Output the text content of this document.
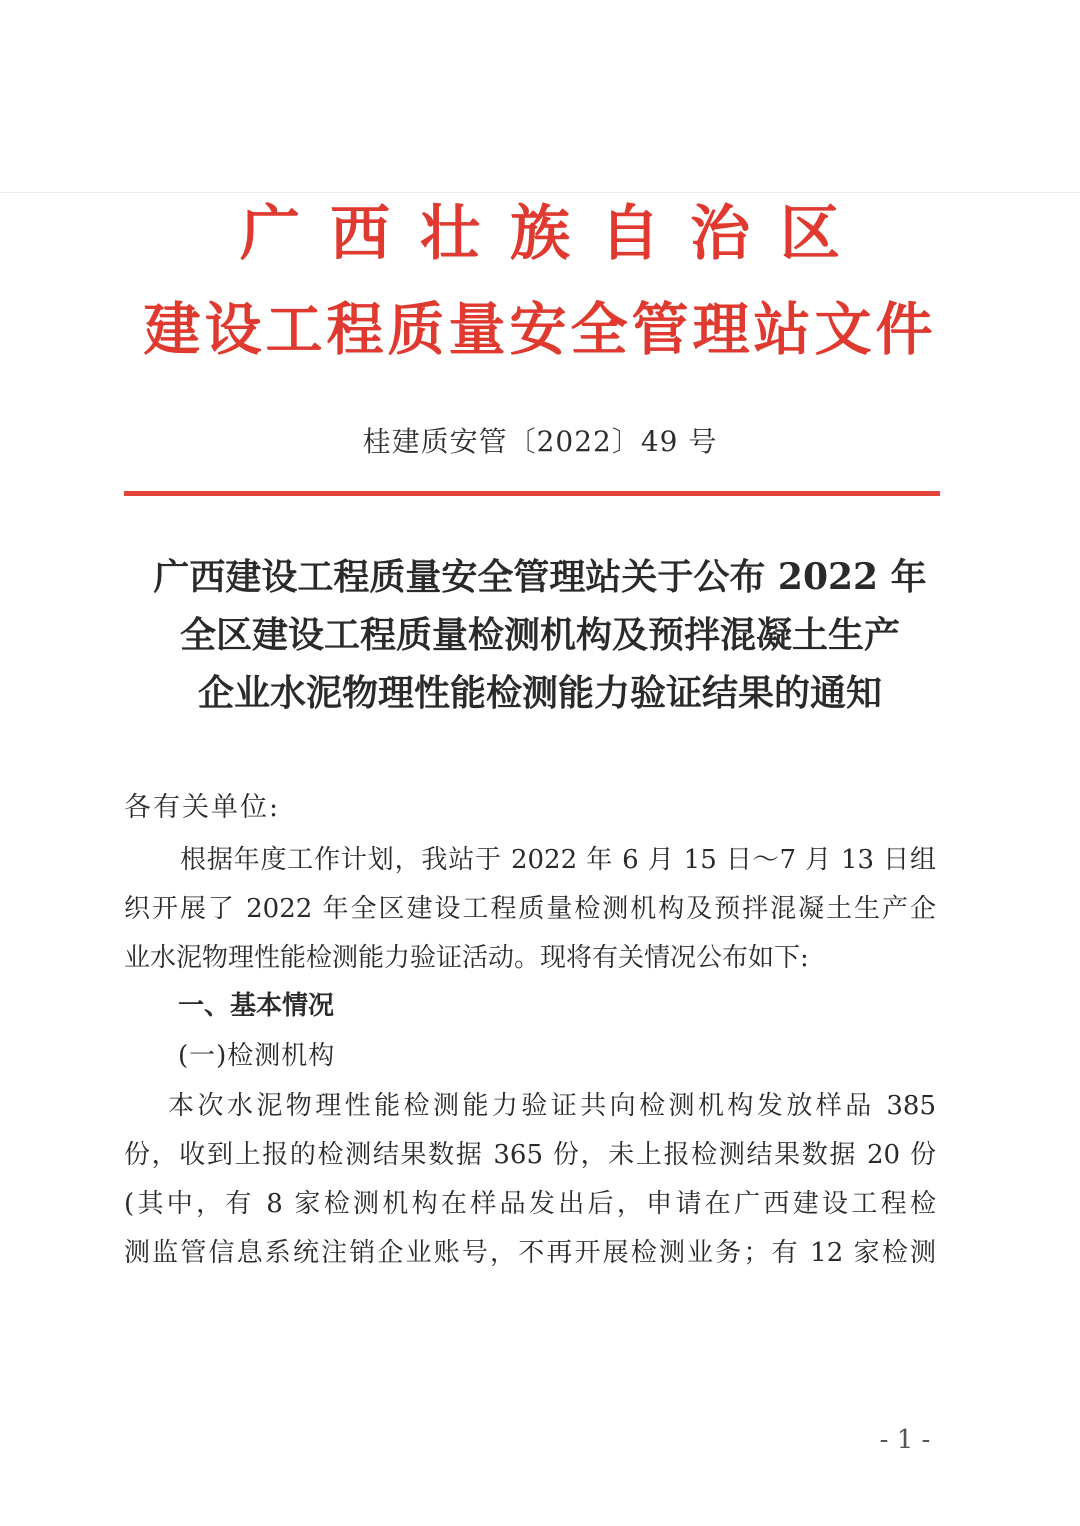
广西壮族自治区
建设工程质量安全管理站文件
桂建质安管〔2022〕49 号
广西建设工程质量安全管理站关于公布 2022 年
全区建设工程质量检测机构及预拌混凝土生产
企业水泥物理性能检测能力验证结果的通知
各有关单位:
根据年度工作计划，我站于 2022 年 6 月 15 日～7 月 13 日组
织开展了 2022 年全区建设工程质量检测机构及预拌混凝土生产企
业水泥物理性能检测能力验证活动。现将有关情况公布如下:
一、基本情况
(一)检测机构
本次水泥物理性能检测能力验证共向检测机构发放样品 385
份，收到上报的检测结果数据 365 份，未上报检测结果数据 20 份
(其中，有 8 家检测机构在样品发出后，申请在广西建设工程检
测监管信息系统注销企业账号，不再开展检测业务；有 12 家检测
- 1 -
